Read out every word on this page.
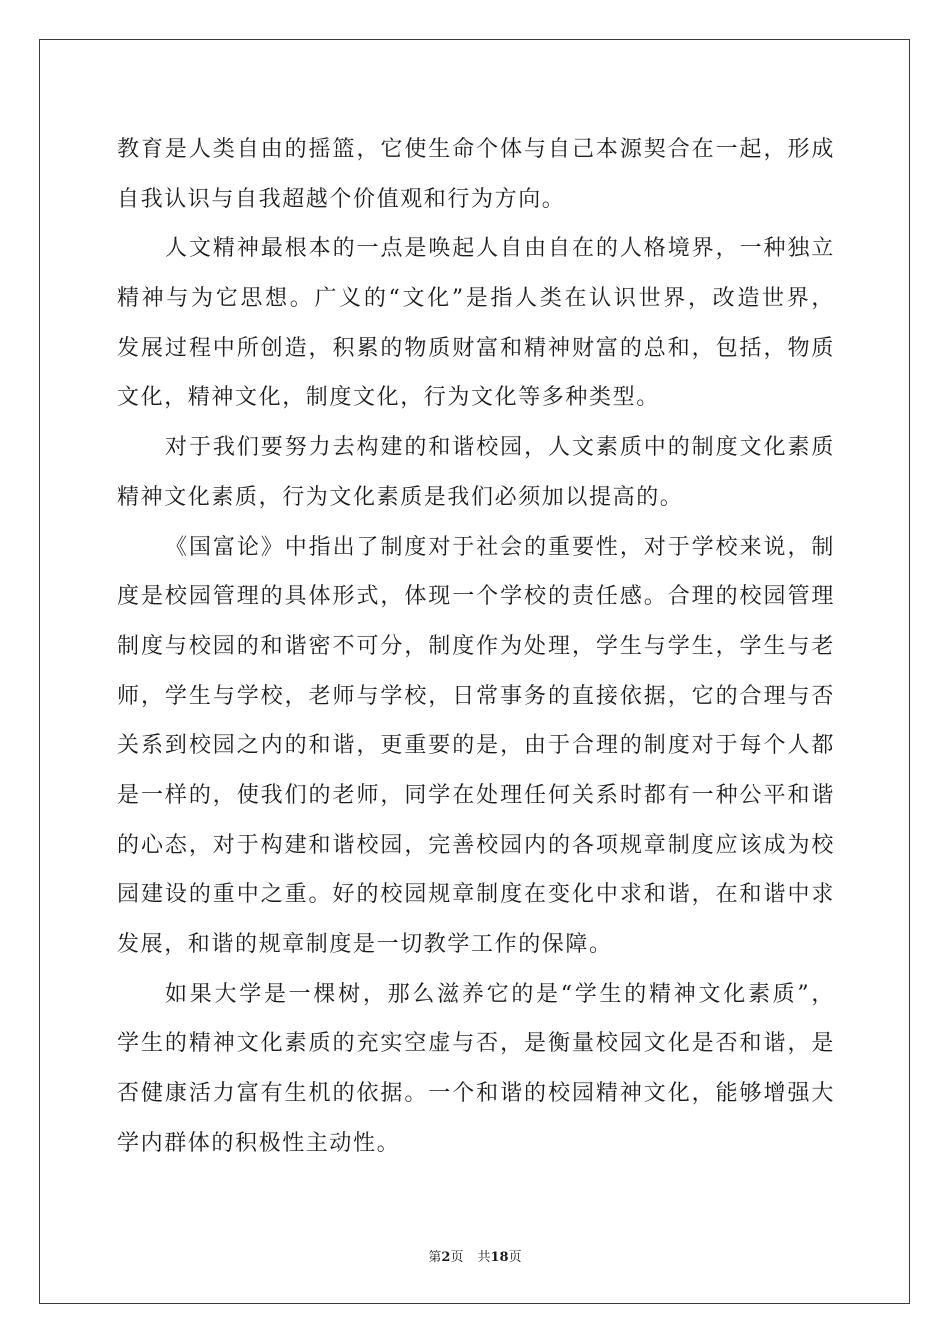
教育是人类自由的摇篮，它使生命个体与自己本源契合在一起，形成
自我认识与自我超越个价值观和行为方向。
人文精神最根本的一点是唤起人自由自在的人格境界，一种独立
精神与为它思想。广义的“文化”是指人类在认识世界，改造世界，
发展过程中所创造，积累的物质财富和精神财富的总和，包括，物质
文化，精神文化，制度文化，行为文化等多种类型。
对于我们要努力去构建的和谐校园，人文素质中的制度文化素质
精神文化素质，行为文化素质是我们必须加以提高的。
《国富论》中指出了制度对于社会的重要性，对于学校来说，制
度是校园管理的具体形式，体现一个学校的责任感。合理的校园管理
制度与校园的和谐密不可分，制度作为处理，学生与学生，学生与老
师，学生与学校，老师与学校，日常事务的直接依据，它的合理与否
关系到校园之内的和谐，更重要的是，由于合理的制度对于每个人都
是一样的，使我们的老师，同学在处理任何关系时都有一种公平和谐
的心态，对于构建和谐校园，完善校园内的各项规章制度应该成为校
园建设的重中之重。好的校园规章制度在变化中求和谐，在和谐中求
发展，和谐的规章制度是一切教学工作的保障。
如果大学是一棵树，那么滋养它的是“学生的精神文化素质”，
学生的精神文化素质的充实空虚与否，是衡量校园文化是否和谐，是
否健康活力富有生机的依据。一个和谐的校园精神文化，能够增强大
学内群体的积极性主动性。
第2页 共18页
